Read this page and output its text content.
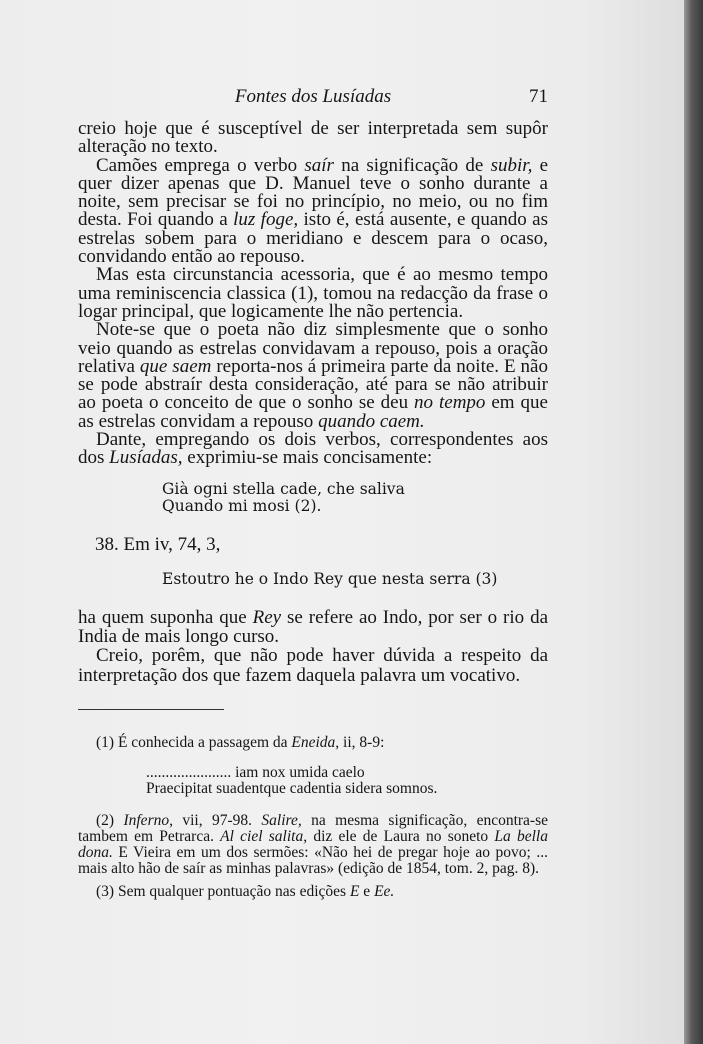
Fontes dos Lusíadas	71

creio hoje que é susceptível de ser interpretada sem supôr alteração no texto.

Camões emprega o verbo saír na significação de subir, e quer dizer apenas que D. Manuel teve o sonho durante a noite, sem precisar se foi no princípio, no meio, ou no fim desta. Foi quando a luz foge, isto é, está ausente, e quando as estrelas sobem para o meridiano e descem para o ocaso, convidando então ao repouso.

Mas esta circunstancia acessoria, que é ao mesmo tempo uma reminiscencia classica (1), tomou na redacção da frase o logar principal, que logicamente lhe não pertencia.

Note-se que o poeta não diz simplesmente que o sonho veio quando as estrelas convidavam a repouso, pois a oração relativa que saem reporta-nos á primeira parte da noite. E não se pode abstraír desta consideração, até para se não atribuir ao poeta o conceito de que o sonho se deu no tempo em que as estrelas convidam a repouso quando caem.

Dante, empregando os dois verbos, correspondentes aos dos Lusíadas, exprimiu-se mais concisamente:

Già ogni stella cade, che saliva
Quando mi mosi (2).
38. Em iv, 74, 3,
Estoutro he o Indo Rey que nesta serra (3)

ha quem suponha que Rey se refere ao Indo, por ser o rio da India de mais longo curso.

Creio, porêm, que não pode haver dúvida a respeito da interpretação dos que fazem daquela palavra um vocativo.

(1) É conhecida a passagem da Eneida, ii, 8-9:
...................... iam nox umida caelo
Praecipitat suadentque cadentia sidera somnos.
(2) Inferno, vii, 97-98. Salire, na mesma significação, encontra-se tambem em Petrarca. Al ciel salita, diz ele de Laura no soneto La bella dona. E Vieira em um dos sermões: «Não hei de pregar hoje ao povo; ... mais alto hão de saír as minhas palavras» (edição de 1854, tom. 2, pag. 8).
(3) Sem qualquer pontuação nas edições E e Ee.
